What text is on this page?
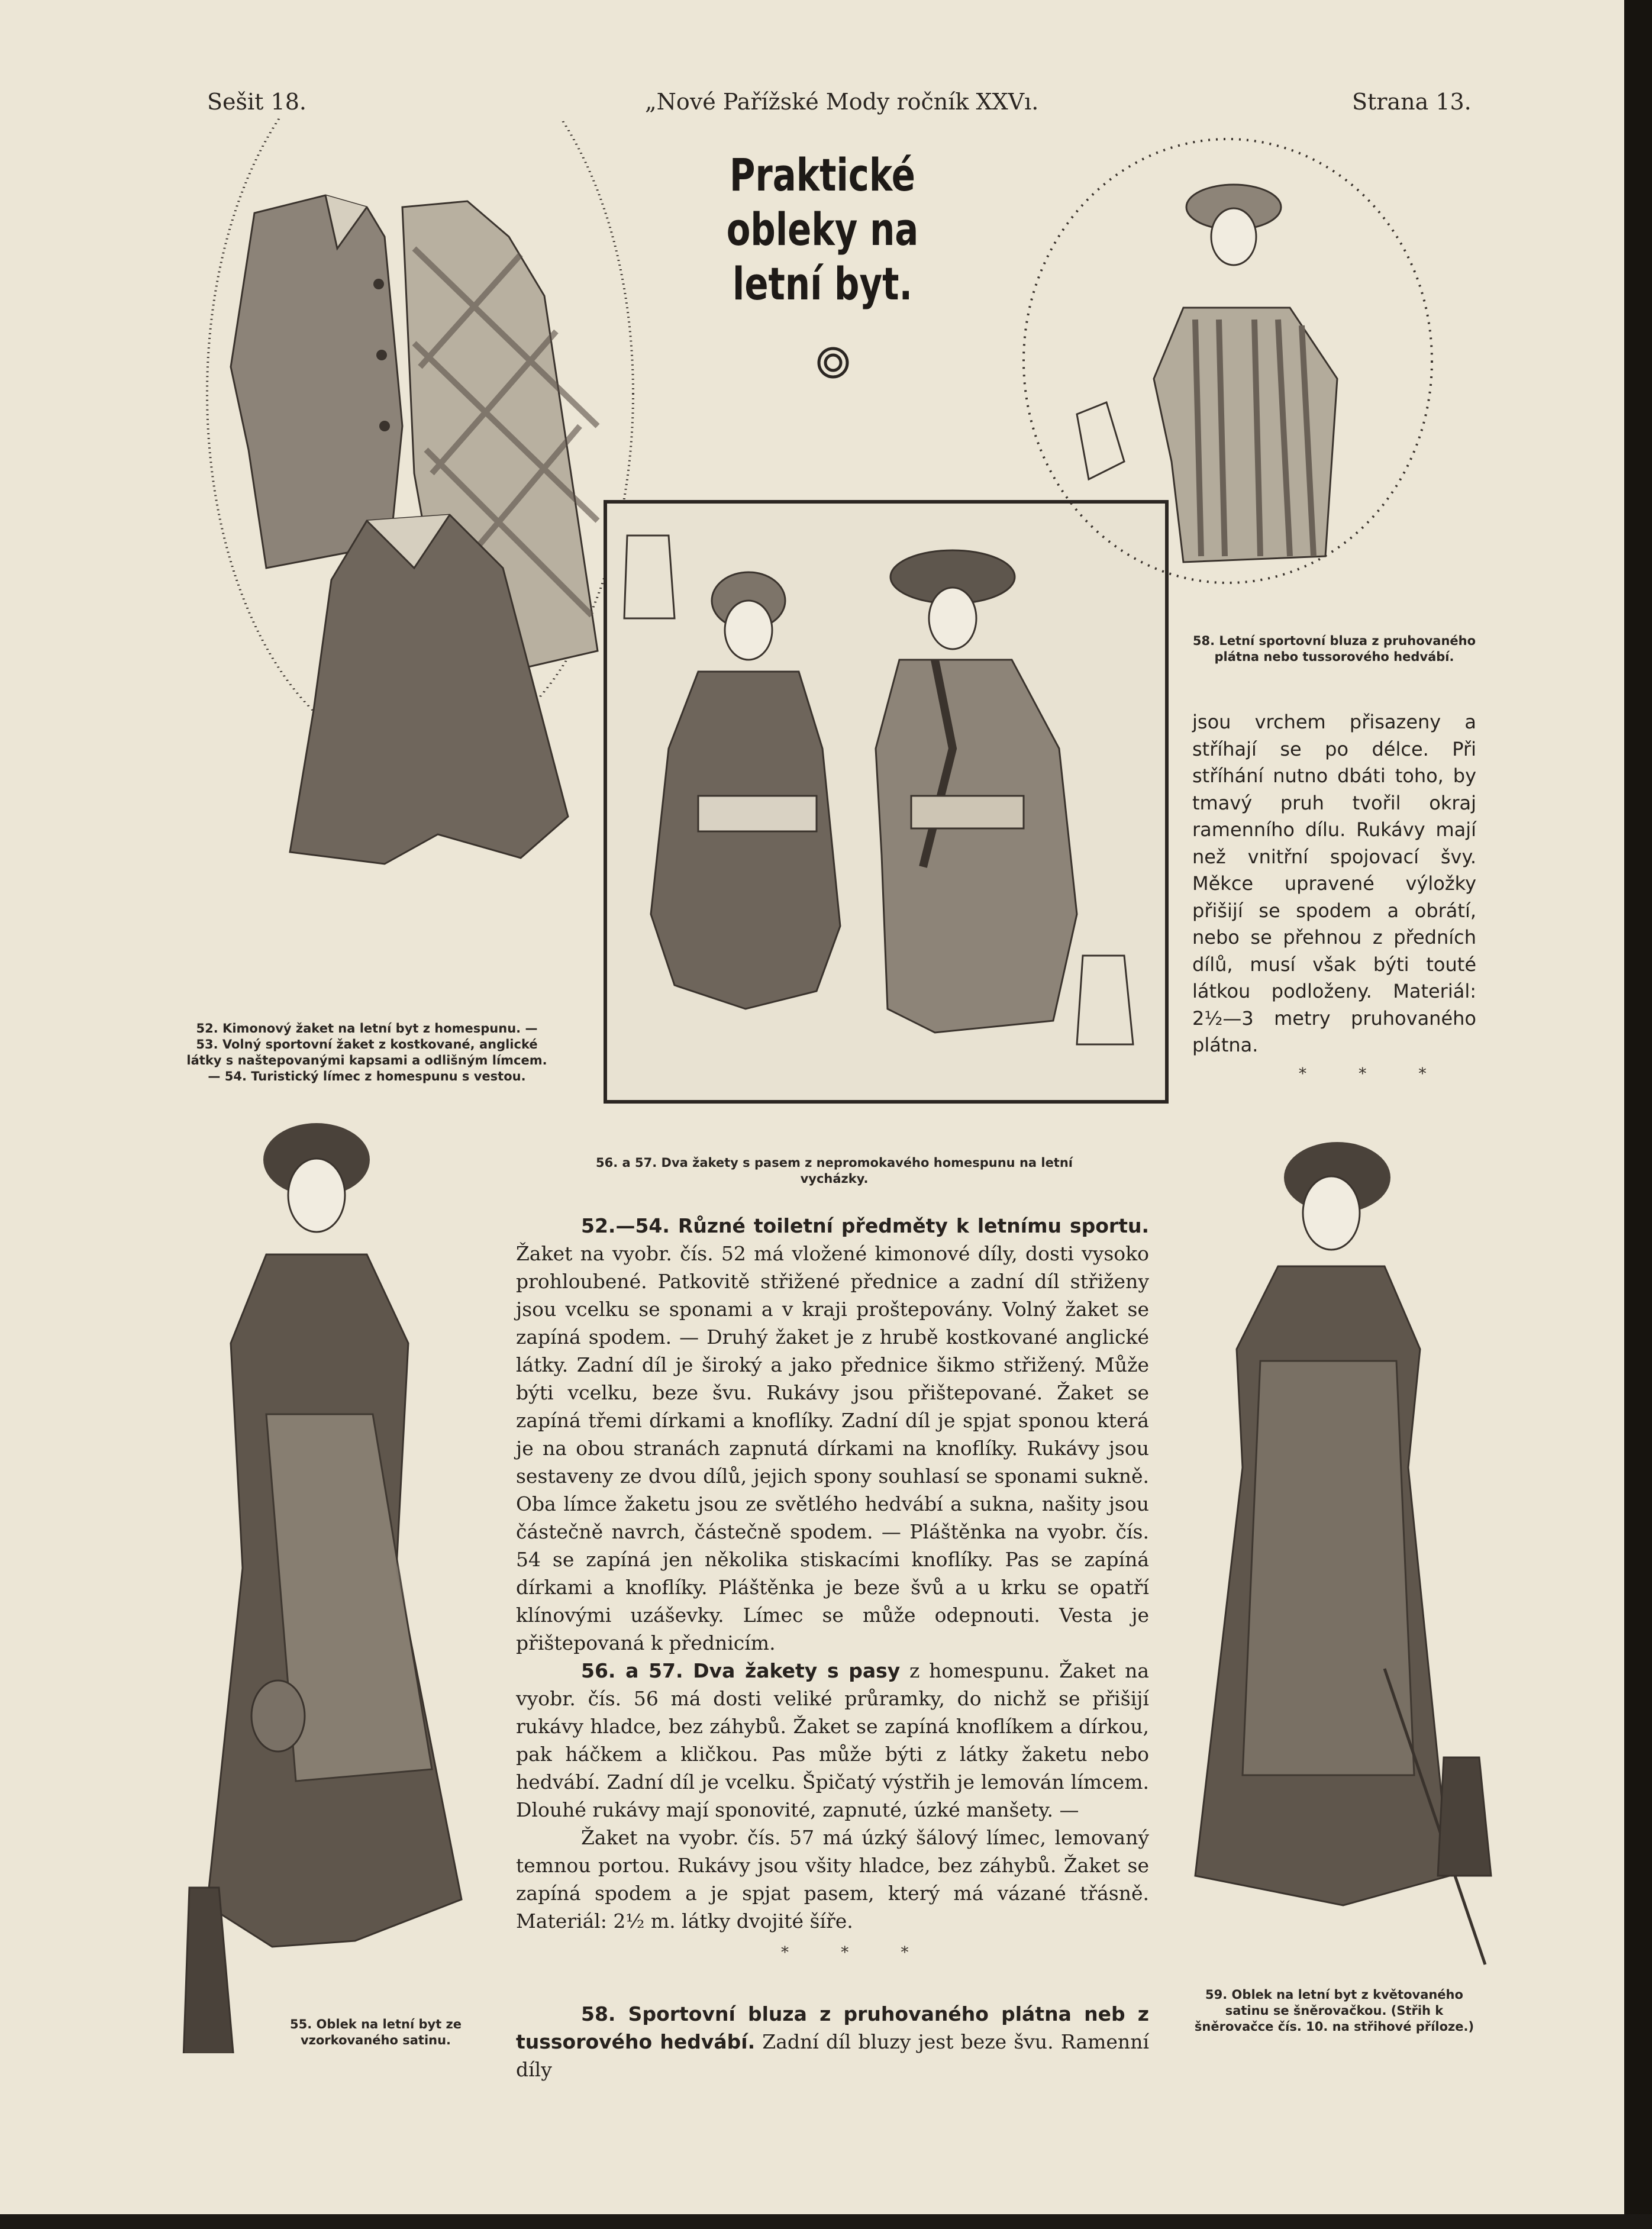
Sešit 18.	„Nové Pařížské Mody ročník XXVı.	Strana 13.
Praktické obleky na
letní byt.
52. Kimonový žaket na letní byt z homespunu. — 53. Volný sportovní žaket z kostkované, anglické látky s naštepovanými kapsami a odlišným límcem. — 54. Turistický límec z homespunu s vestou.
56. a 57. Dva žakety s pasem z nepromokavého homespunu na letní vycházky.
58. Letní sportovní bluza z pruhovaného plátna nebo tussorového hedvábí.
jsou vrchem přisazeny a stříhají se po délce. Při stříhání nutno dbáti toho, by tmavý pruh tvořil okraj ramenního dílu. Rukávy mají než vnitřní spojovací švy. Měkce upravené výložky přišijí se spodem a obrátí, nebo se přehnou z předních dílů, musí však býti touté látkou podloženy. Materiál: 2½—3 metry pruhovaného plátna.
* * *
55. Oblek na letní byt ze vzorkovaného satinu.
59. Oblek na letní byt z květovaného satinu se šněrovačkou. (Střih k šněrovačce čís. 10. na střihové příloze.)

52.—54. Různé toiletní předměty k letnímu sportu. Žaket na vyobr. čís. 52 má vložené kimonové díly, dosti vysoko prohloubené. Patkovitě střižené přednice a zadní díl střiženy jsou vcelku se sponami a v kraji proštepovány. Volný žaket se zapíná spodem. — Druhý žaket je z hrubě kostkované anglické látky. Zadní díl je široký a jako přednice šikmo střižený. Může býti vcelku, beze švu. Rukávy jsou přištepované. Žaket se zapíná třemi dírkami a knoflíky. Zadní díl je spjat sponou která je na obou stranách zapnutá dírkami na knoflíky. Rukávy jsou sestaveny ze dvou dílů, jejich spony souhlasí se sponami sukně. Oba límce žaketu jsou ze světlého hedvábí a sukna, našity jsou částečně navrch, částečně spodem. — Pláštěnka na vyobr. čís. 54 se zapíná jen několika stiskacími knoflíky. Pas se zapíná dírkami a knoflíky. Pláštěnka je beze švů a u krku se opatří klínovými uzáševky. Límec se může odepnouti. Vesta je přištepovaná k přednicím.

56. a 57. Dva žakety s pasy z homespunu. Žaket na vyobr. čís. 56 má dosti veliké průramky, do nichž se přišijí rukávy hladce, bez záhybů. Žaket se zapíná knoflíkem a dírkou, pak háčkem a kličkou. Pas může býti z látky žaketu nebo hedvábí. Zadní díl je vcelku. Špičatý výstřih je lemován límcem. Dlouhé rukávy mají sponovité, zapnuté, úzké manšety. —

Žaket na vyobr. čís. 57 má úzký šálový límec, lemovaný temnou portou. Rukávy jsou všity hladce, bez záhybů. Žaket se zapíná spodem a je spjat pasem, který má vázané třásně. Materiál: 2½ m. látky dvojité šíře.

* * *

58. Sportovní bluza z pruhovaného plátna neb z tussorového hedvábí. Zadní díl bluzy jest beze švu. Ramenní díly
